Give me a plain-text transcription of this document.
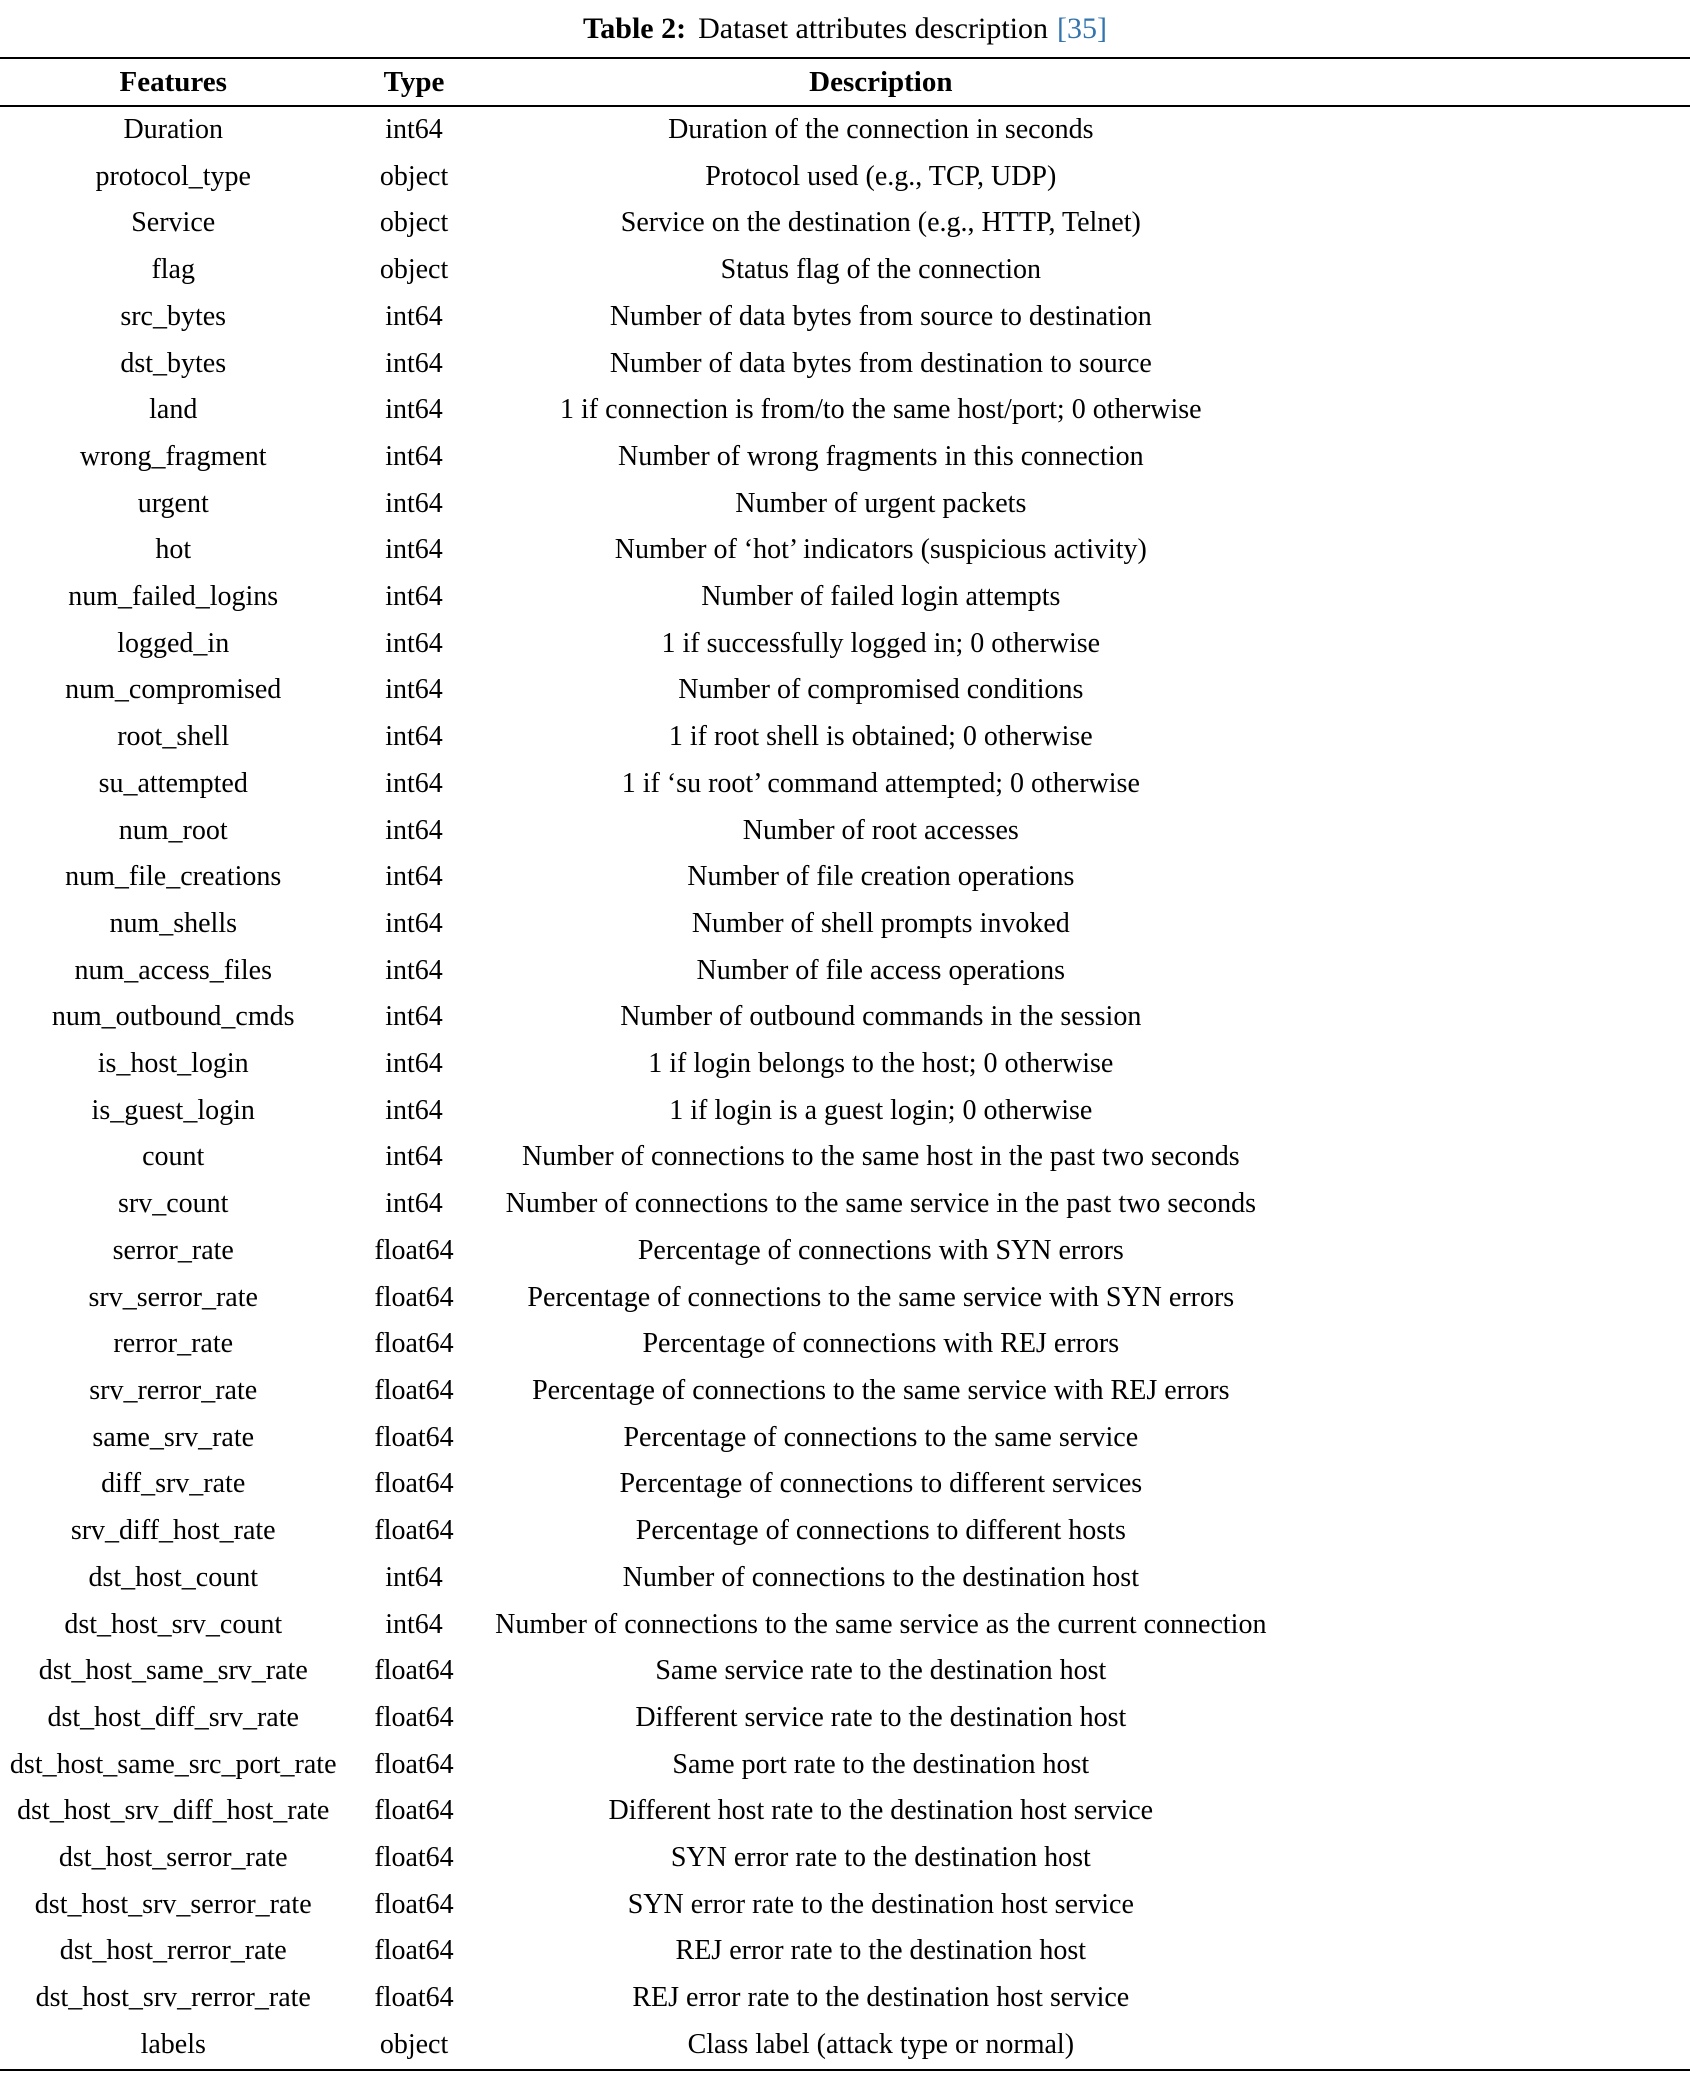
Table 2: Dataset attributes description [35]
Features	Type	Description
Duration	int64	Duration of the connection in seconds
protocol_type	object	Protocol used (e.g., TCP, UDP)
Service	object	Service on the destination (e.g., HTTP, Telnet)
flag	object	Status flag of the connection
src_bytes	int64	Number of data bytes from source to destination
dst_bytes	int64	Number of data bytes from destination to source
land	int64	1 if connection is from/to the same host/port; 0 otherwise
wrong_fragment	int64	Number of wrong fragments in this connection
urgent	int64	Number of urgent packets
hot	int64	Number of ‘hot’ indicators (suspicious activity)
num_failed_logins	int64	Number of failed login attempts
logged_in	int64	1 if successfully logged in; 0 otherwise
num_compromised	int64	Number of compromised conditions
root_shell	int64	1 if root shell is obtained; 0 otherwise
su_attempted	int64	1 if ‘su root’ command attempted; 0 otherwise
num_root	int64	Number of root accesses
num_file_creations	int64	Number of file creation operations
num_shells	int64	Number of shell prompts invoked
num_access_files	int64	Number of file access operations
num_outbound_cmds	int64	Number of outbound commands in the session
is_host_login	int64	1 if login belongs to the host; 0 otherwise
is_guest_login	int64	1 if login is a guest login; 0 otherwise
count	int64	Number of connections to the same host in the past two seconds
srv_count	int64	Number of connections to the same service in the past two seconds
serror_rate	float64	Percentage of connections with SYN errors
srv_serror_rate	float64	Percentage of connections to the same service with SYN errors
rerror_rate	float64	Percentage of connections with REJ errors
srv_rerror_rate	float64	Percentage of connections to the same service with REJ errors
same_srv_rate	float64	Percentage of connections to the same service
diff_srv_rate	float64	Percentage of connections to different services
srv_diff_host_rate	float64	Percentage of connections to different hosts
dst_host_count	int64	Number of connections to the destination host
dst_host_srv_count	int64	Number of connections to the same service as the current connection
dst_host_same_srv_rate	float64	Same service rate to the destination host
dst_host_diff_srv_rate	float64	Different service rate to the destination host
dst_host_same_src_port_rate	float64	Same port rate to the destination host
dst_host_srv_diff_host_rate	float64	Different host rate to the destination host service
dst_host_serror_rate	float64	SYN error rate to the destination host
dst_host_srv_serror_rate	float64	SYN error rate to the destination host service
dst_host_rerror_rate	float64	REJ error rate to the destination host
dst_host_srv_rerror_rate	float64	REJ error rate to the destination host service
labels	object	Class label (attack type or normal)
